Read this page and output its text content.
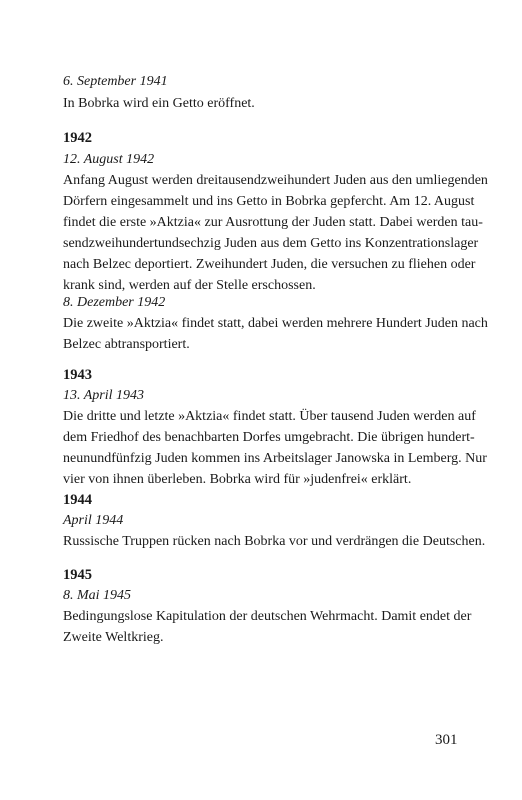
6. September 1941

In Bobrka wird ein Getto eröffnet.

1942

12. August 1942

Anfang August werden dreitausendzweihundert Juden aus den umliegenden
Dörfern eingesammelt und ins Getto in Bobrka gepfercht. Am 12. August
findet die erste »Aktzia« zur Ausrottung der Juden statt. Dabei werden tau-
sendzweihundertundsechzig Juden aus dem Getto ins Konzentrationslager
nach Belzec deportiert. Zweihundert Juden, die versuchen zu fliehen oder
krank sind, werden auf der Stelle erschossen.

8. Dezember 1942

Die zweite »Aktzia« findet statt, dabei werden mehrere Hundert Juden nach
Belzec abtransportiert.

1943

13. April 1943

Die dritte und letzte »Aktzia« findet statt. Über tausend Juden werden auf
dem Friedhof des benachbarten Dorfes umgebracht. Die übrigen hundert-
neunundfünfzig Juden kommen ins Arbeitslager Janowska in Lemberg. Nur
vier von ihnen überleben. Bobrka wird für »judenfrei« erklärt.

1944

April 1944

Russische Truppen rücken nach Bobrka vor und verdrängen die Deutschen.

1945

8. Mai 1945

Bedingungslose Kapitulation der deutschen Wehrmacht. Damit endet der
Zweite Weltkrieg.

301
